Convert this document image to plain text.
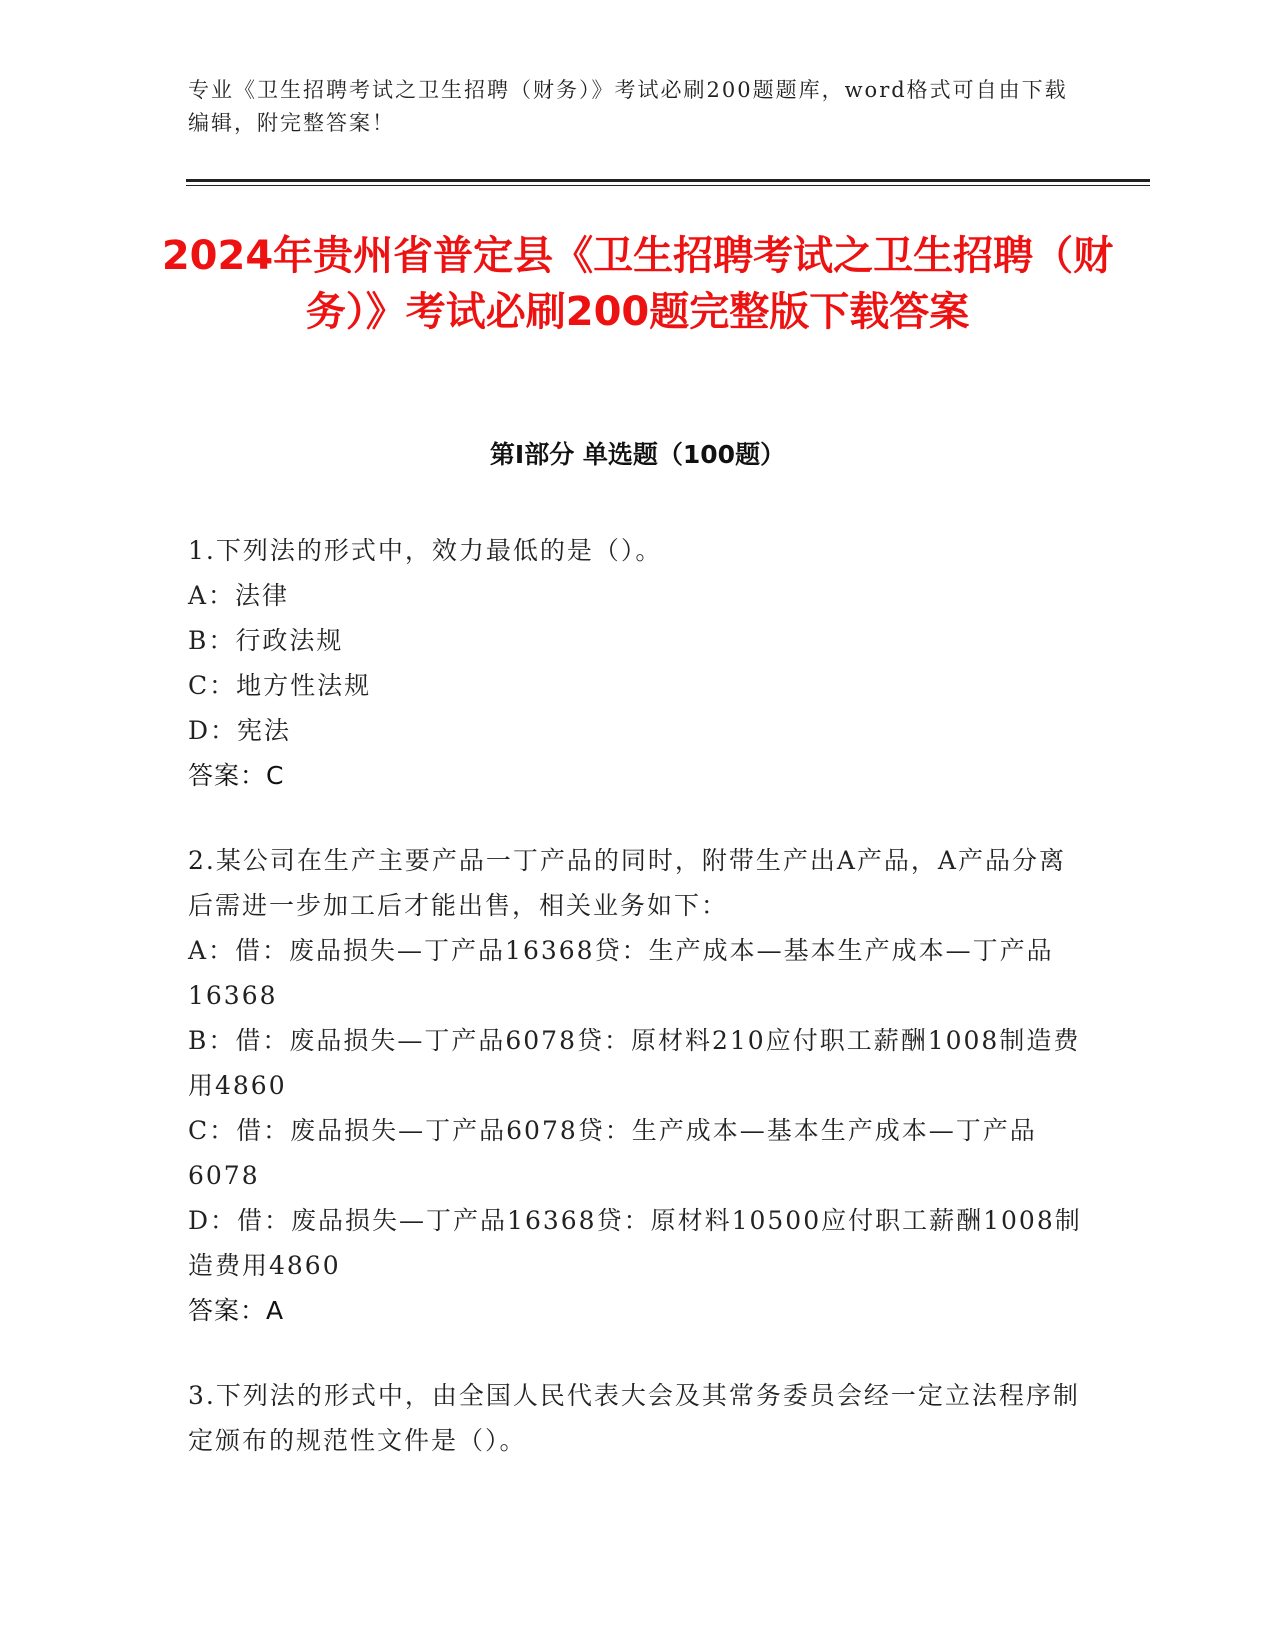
专业《卫生招聘考试之卫生招聘（财务）》考试必刷200题题库，word格式可自由下载编辑，附完整答案！
2024年贵州省普定县《卫生招聘考试之卫生招聘（财务）》考试必刷200题完整版下载答案
第I部分 单选题（100题）
1.下列法的形式中，效力最低的是（）。
A：法律
B：行政法规
C：地方性法规
D：宪法
答案：C
2.某公司在生产主要产品一丁产品的同时，附带生产出A产品，A产品分离后需进一步加工后才能出售，相关业务如下：
A：借：废品损失—丁产品16368贷：生产成本—基本生产成本—丁产品16368
B：借：废品损失—丁产品6078贷：原材料210应付职工薪酬1008制造费用4860
C：借：废品损失—丁产品6078贷：生产成本—基本生产成本—丁产品6078
D：借：废品损失—丁产品16368贷：原材料10500应付职工薪酬1008制造费用4860
答案：A
3.下列法的形式中，由全国人民代表大会及其常务委员会经一定立法程序制定颁布的规范性文件是（）。
